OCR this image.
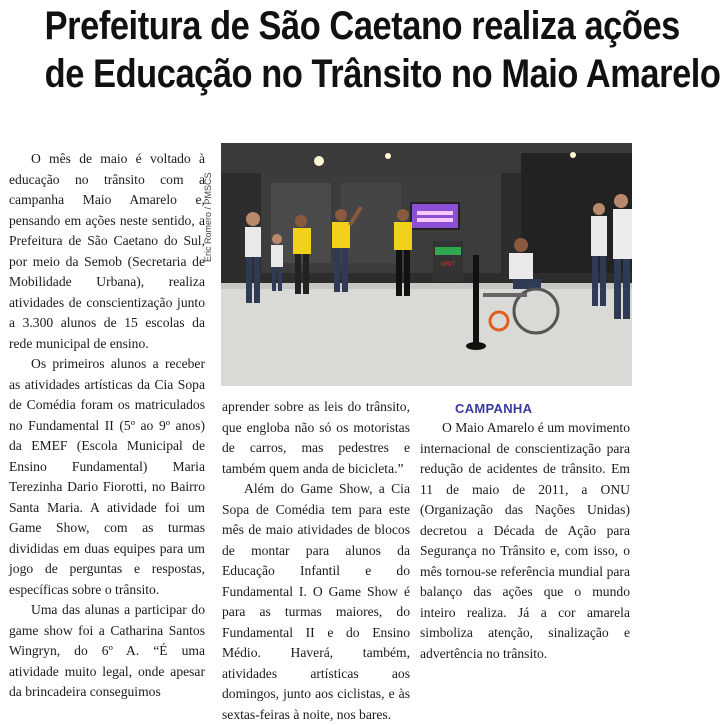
Prefeitura de São Caetano realiza ações
de Educação no Trânsito no Maio Amarelo

O mês de maio é voltado à educação no trânsito com a campanha Maio Amarelo e, pensando em ações neste sentido, a Prefeitura de São Caetano do Sul, por meio da Semob (Secretaria de Mobilidade Urbana), realiza atividades de conscientização junto a 3.300 alunos de 15 escolas da rede municipal de ensino.

Os primeiros alunos a receber as atividades artísticas da Cia Sopa de Comédia foram os matriculados no Fundamental II (5º ao 9º anos) da EMEF (Escola Municipal de Ensino Fundamental) Maria Terezinha Dario Fiorotti, no Bairro Santa Maria. A atividade foi um Game Show, com as turmas divididas em duas equipes para um jogo de perguntas e respostas, específicas sobre o trânsito.

Uma das alunas a participar do game show foi a Catharina Santos Wingryn, do 6º A. “É uma atividade muito legal, onde apesar da brincadeira conseguimos

Eric Romero / PMSCS
MSIT

aprender sobre as leis do trânsito, que engloba não só os motoristas de carros, mas pedestres e também quem anda de bicicleta.”

Além do Game Show, a Cia Sopa de Comédia tem para este mês de maio atividades de blocos de montar para alunos da Educação Infantil e do Fundamental I. O Game Show é para as turmas maiores, do Fundamental II e do Ensino Médio. Haverá, também, atividades artísticas aos domingos, junto aos ciclistas, e às sextas-feiras à noite, nos bares.

CAMPANHA

O Maio Amarelo é um movimento internacional de conscientização para redução de acidentes de trânsito. Em 11 de maio de 2011, a ONU (Organização das Nações Unidas) decretou a Década de Ação para Segurança no Trânsito e, com isso, o mês tornou-se referência mundial para balanço das ações que o mundo inteiro realiza. Já a cor amarela simboliza atenção, sinalização e advertência no trânsito.
